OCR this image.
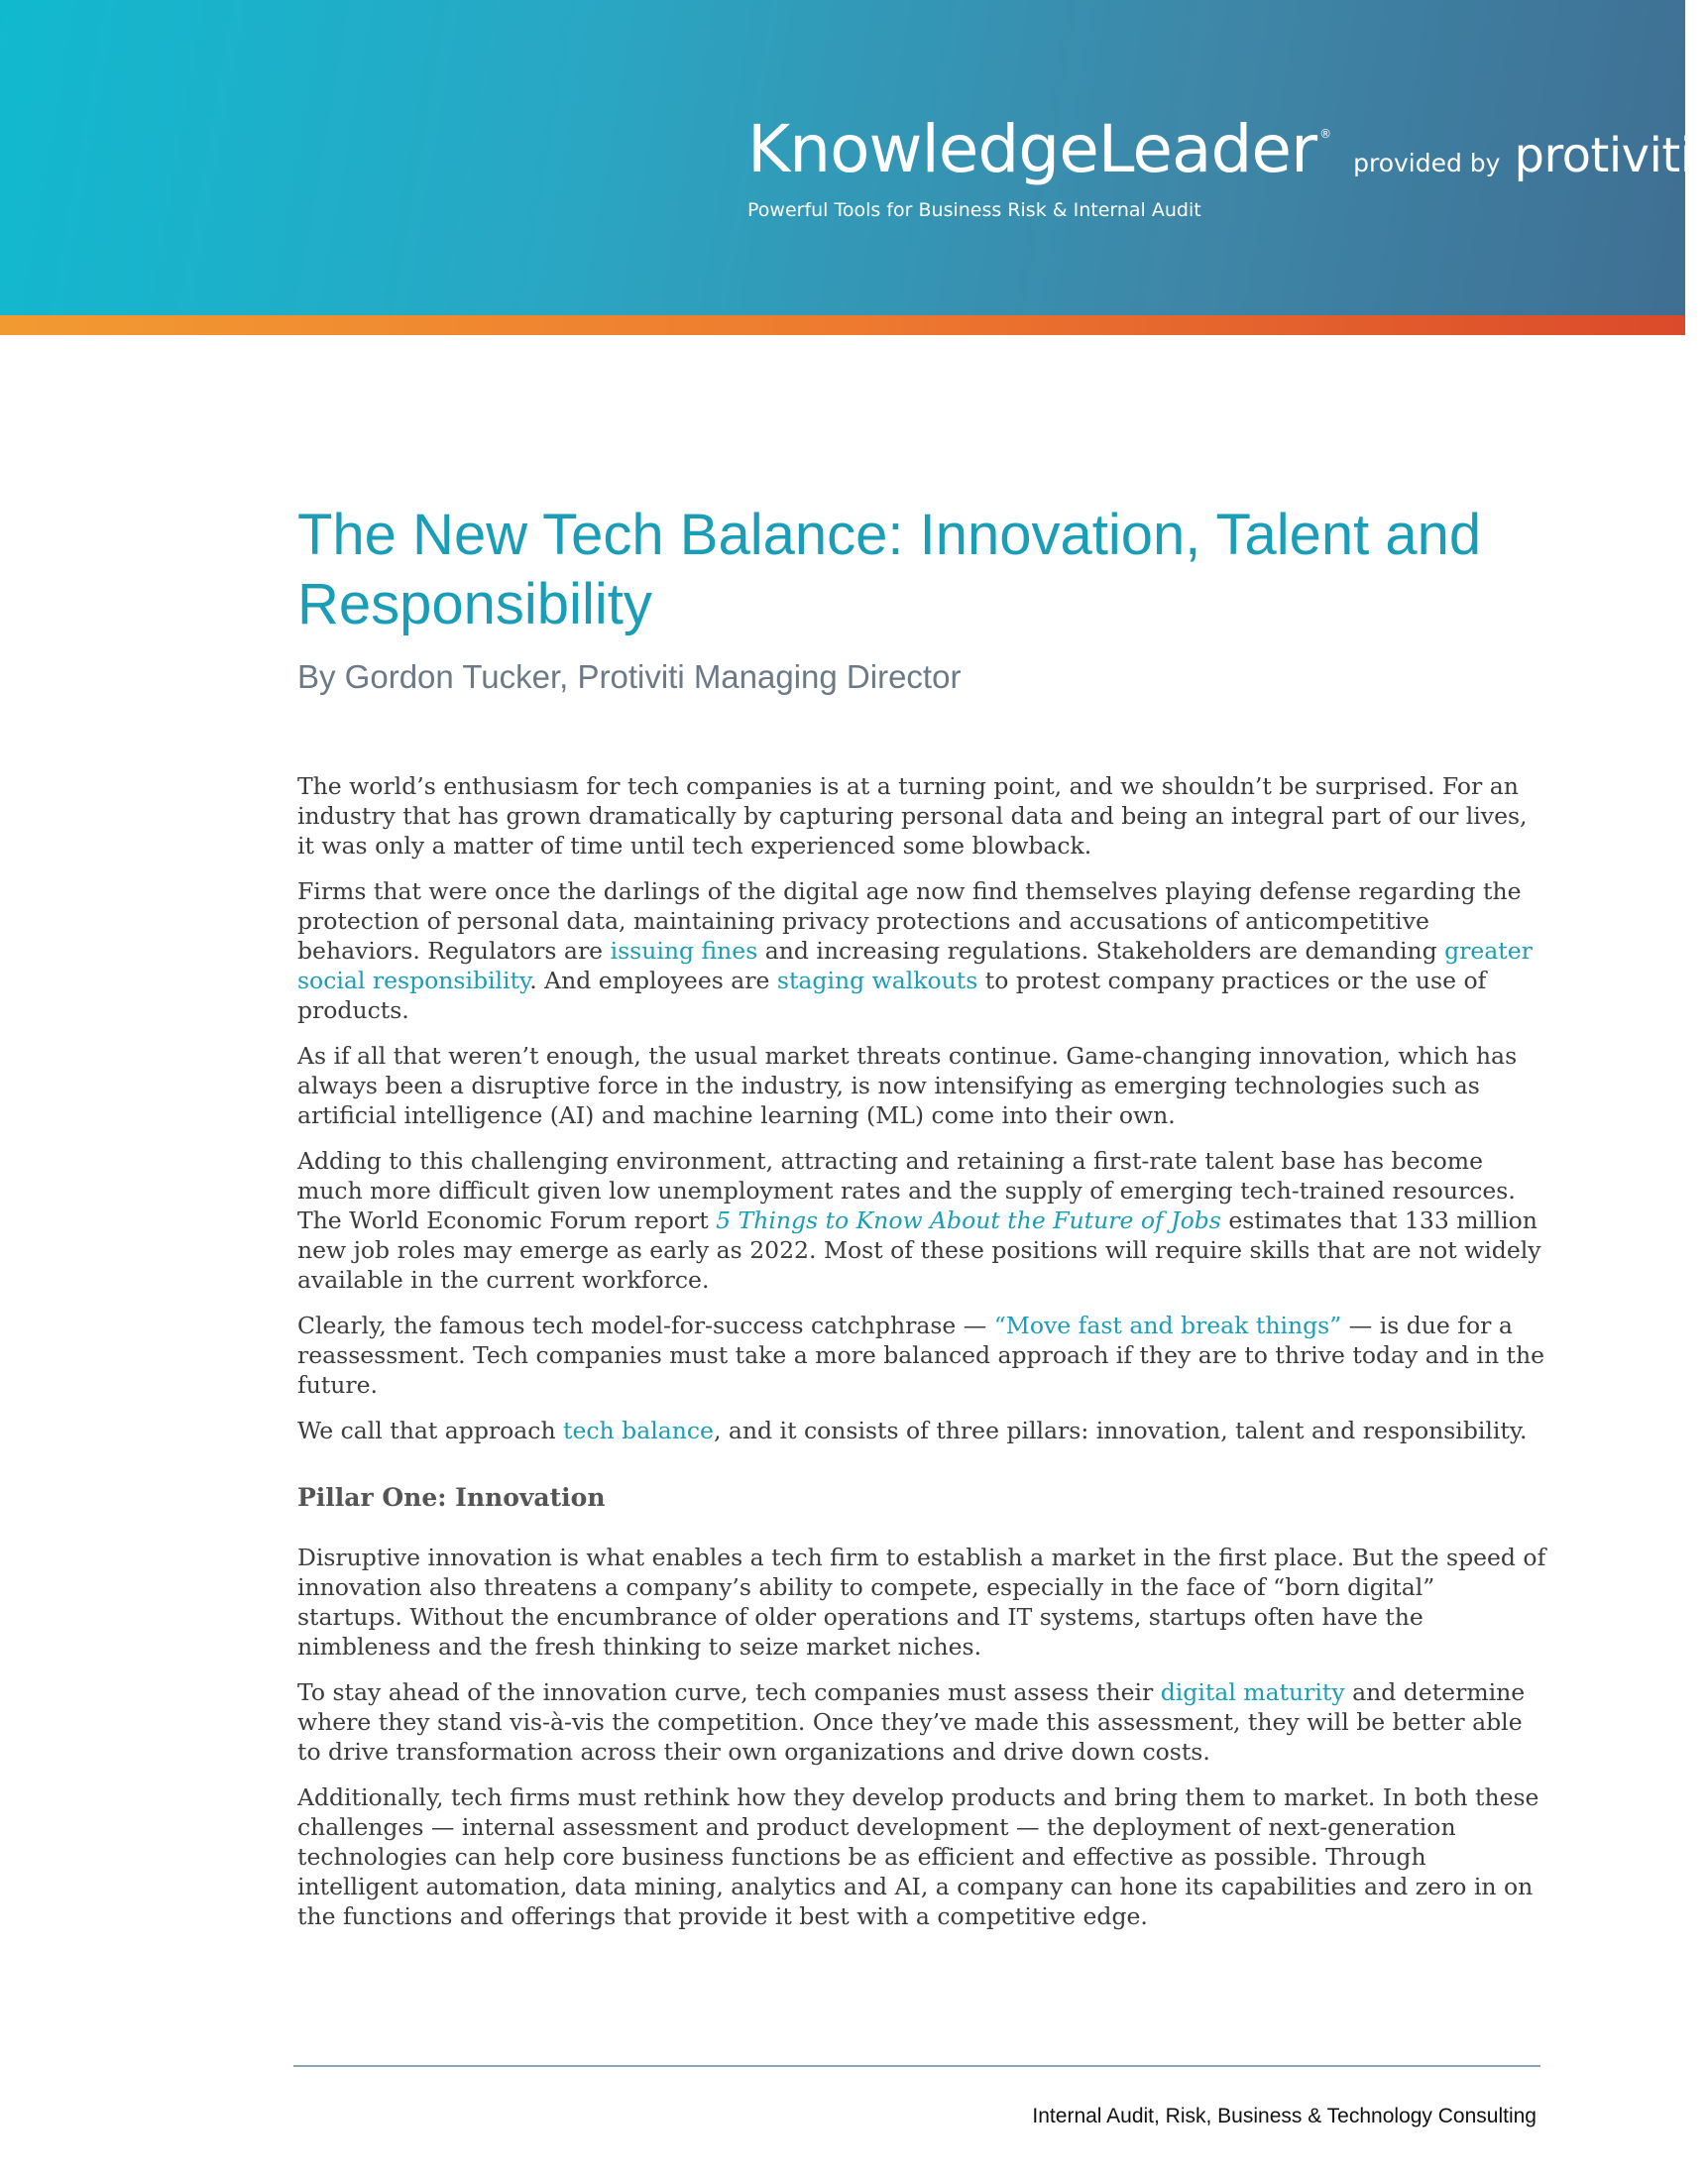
KnowledgeLeader ®
provided by protiviti ®
Powerful Tools for Business Risk & Internal Audit
The New Tech Balance: Innovation, Talent and Responsibility
By Gordon Tucker, Protiviti Managing Director

The world’s enthusiasm for tech companies is at a turning point, and we shouldn’t be surprised. For an industry that has grown dramatically by capturing personal data and being an integral part of our lives, it was only a matter of time until tech experienced some blowback.

Firms that were once the darlings of the digital age now find themselves playing defense regarding the protection of personal data, maintaining privacy protections and accusations of anticompetitive behaviors. Regulators are issuing fines and increasing regulations. Stakeholders are demanding greater social responsibility. And employees are staging walkouts to protest company practices or the use of products.

As if all that weren’t enough, the usual market threats continue. Game-changing innovation, which has always been a disruptive force in the industry, is now intensifying as emerging technologies such as artificial intelligence (AI) and machine learning (ML) come into their own.

Adding to this challenging environment, attracting and retaining a first-rate talent base has become much more difficult given low unemployment rates and the supply of emerging tech-trained resources. The World Economic Forum report 5 Things to Know About the Future of Jobs estimates that 133 million new job roles may emerge as early as 2022. Most of these positions will require skills that are not widely available in the current workforce.

Clearly, the famous tech model-for-success catchphrase — “Move fast and break things” — is due for a reassessment. Tech companies must take a more balanced approach if they are to thrive today and in the future.

We call that approach tech balance, and it consists of three pillars: innovation, talent and responsibility.

Pillar One: Innovation

Disruptive innovation is what enables a tech firm to establish a market in the first place. But the speed of innovation also threatens a company’s ability to compete, especially in the face of “born digital” startups. Without the encumbrance of older operations and IT systems, startups often have the nimbleness and the fresh thinking to seize market niches.

To stay ahead of the innovation curve, tech companies must assess their digital maturity and determine where they stand vis-à-vis the competition. Once they’ve made this assessment, they will be better able to drive transformation across their own organizations and drive down costs.

Additionally, tech firms must rethink how they develop products and bring them to market. In both these challenges — internal assessment and product development — the deployment of next-generation technologies can help core business functions be as efficient and effective as possible. Through intelligent automation, data mining, analytics and AI, a company can hone its capabilities and zero in on the functions and offerings that provide it best with a competitive edge.

Internal Audit, Risk, Business & Technology Consulting
